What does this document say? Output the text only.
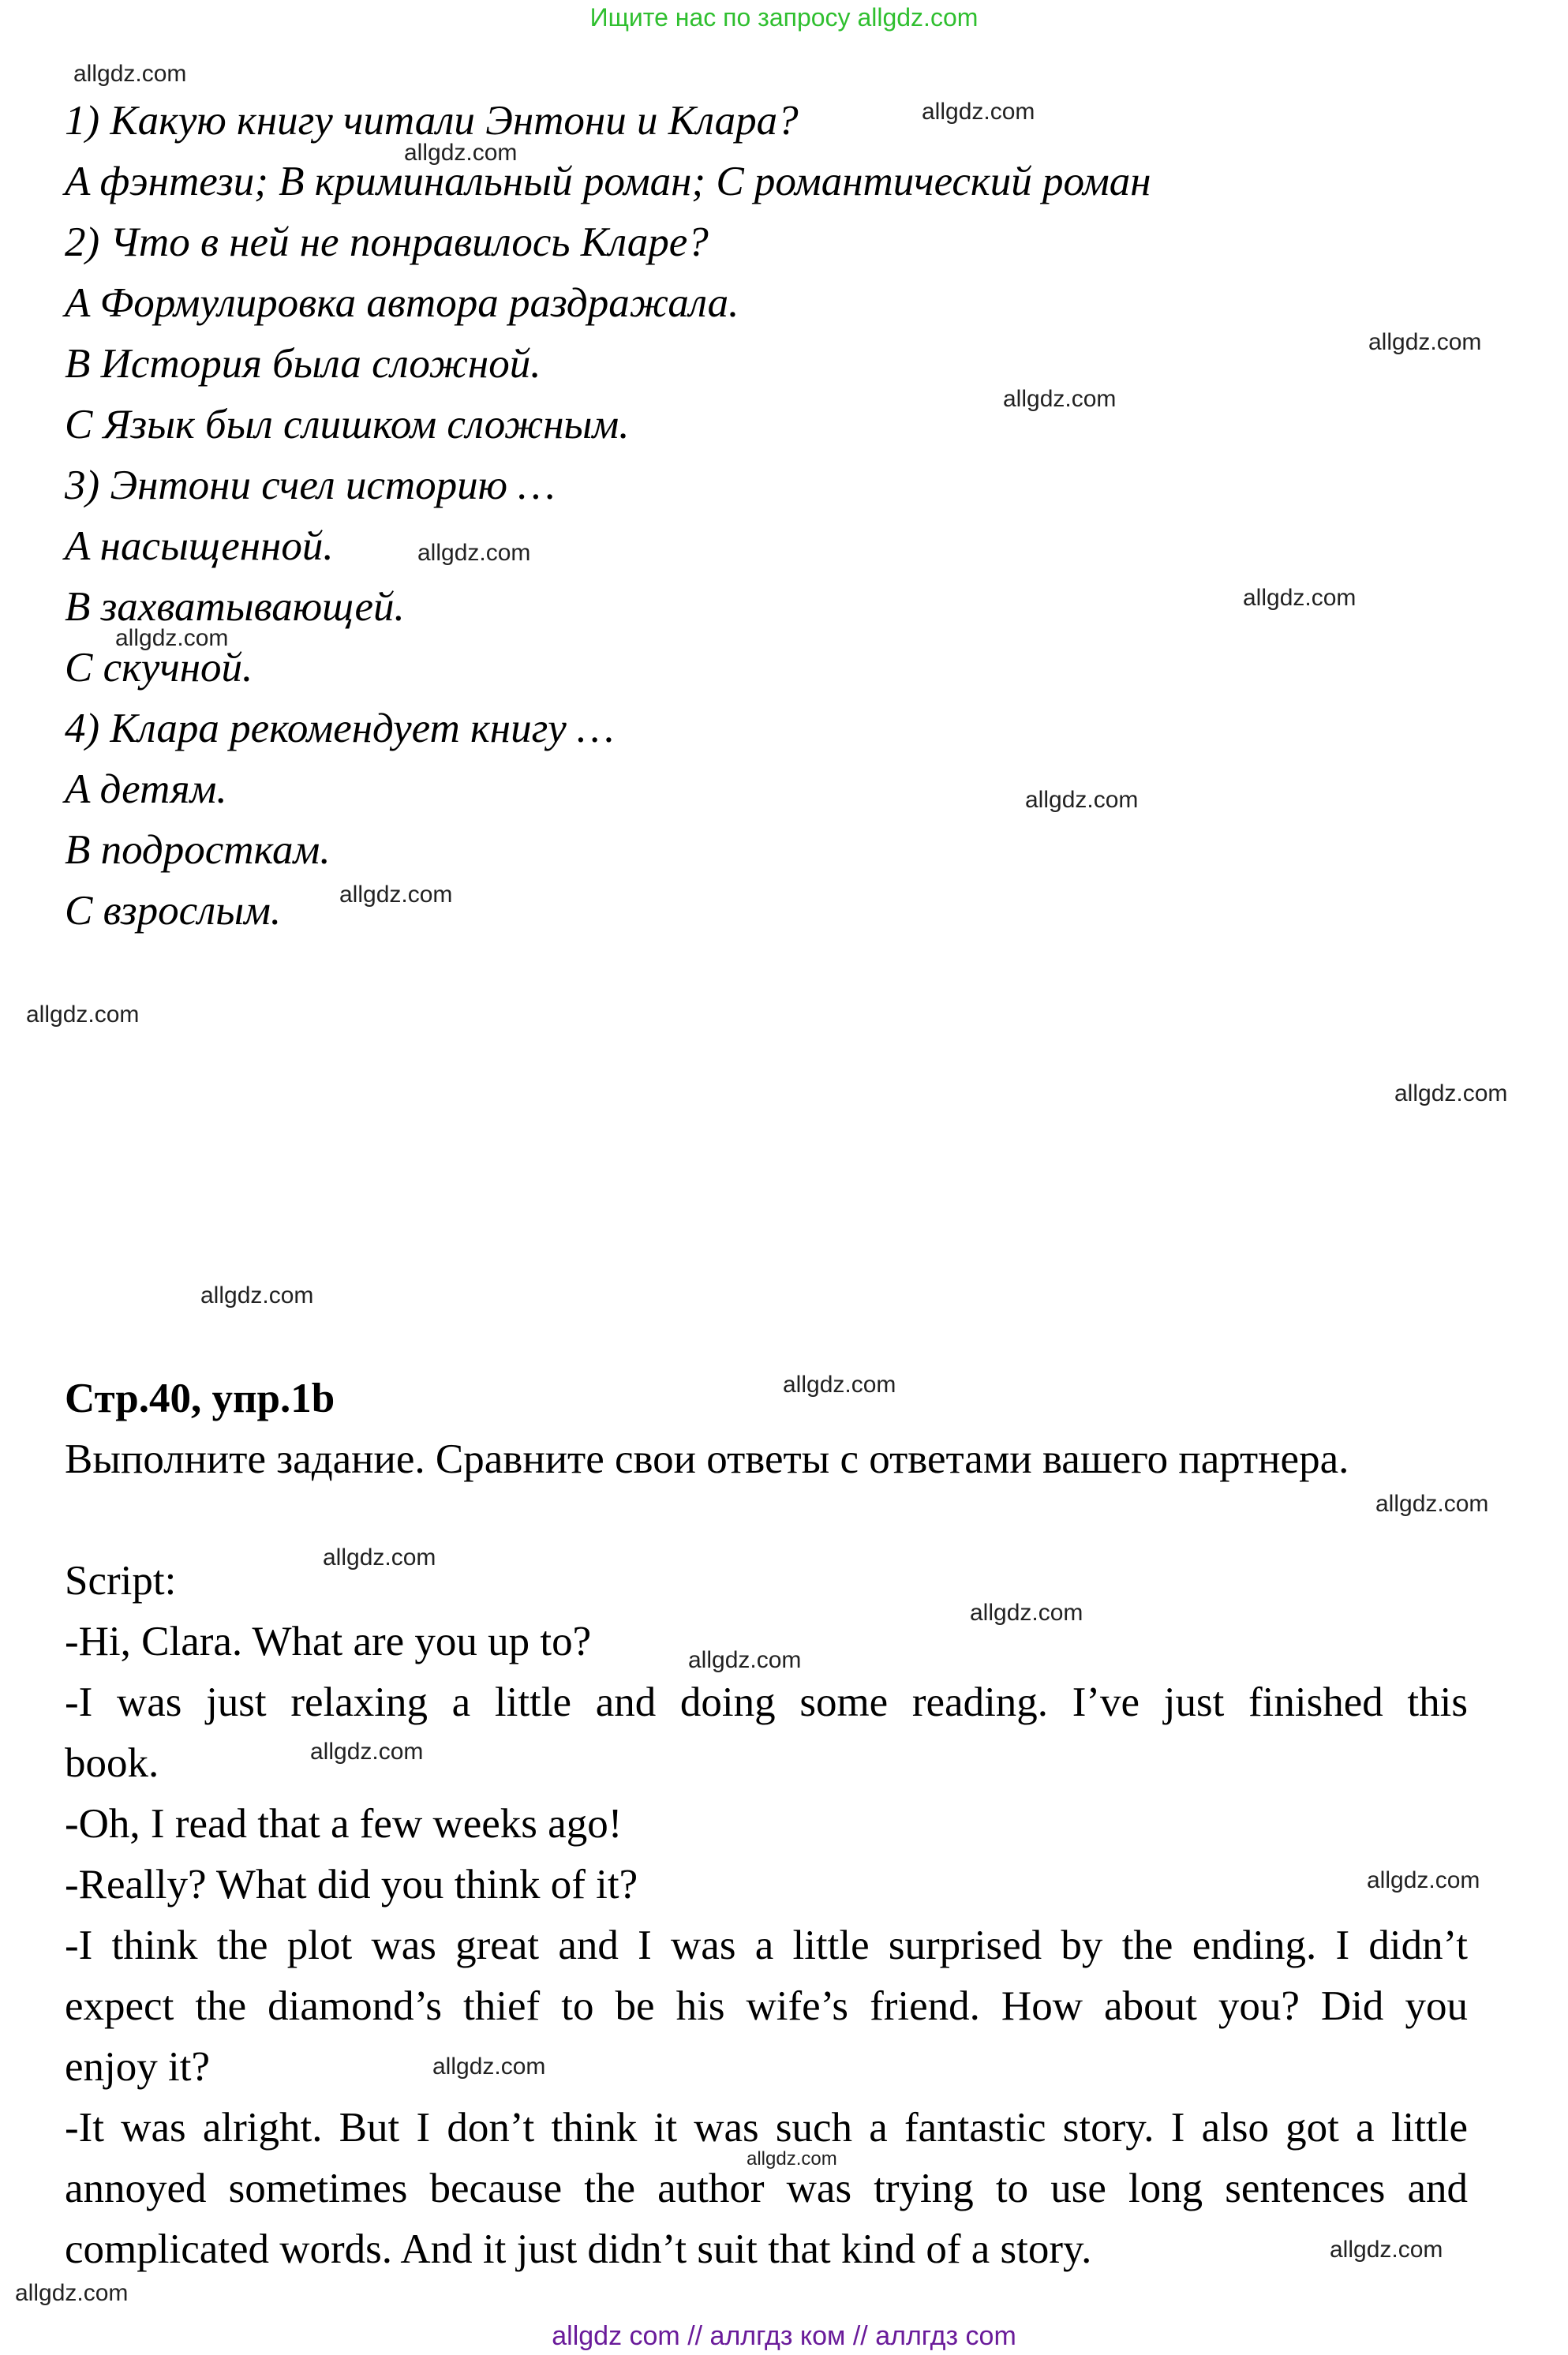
Ищите нас по запросу allgdz.com

1) Какую книгу читали Энтони и Клара?

A фэнтези; B криминальный роман; C романтический роман

2) Что в ней не понравилось Кларе?

A Формулировка автора раздражала.

B История была сложной.

C Язык был слишком сложным.

3) Энтони счел историю …

A насыщенной.

B захватывающей.

C скучной.

4) Клара рекомендует книгу …

A детям.

B подросткам.

C взрослым.

Стр.40, упр.1b

Выполните задание. Сравните свои ответы с ответами вашего партнера.

Script:

-Hi, Clara. What are you up to?

-I was just relaxing a little and doing some reading. I’ve just finished this

book.

-Oh, I read that a few weeks ago!

-Really? What did you think of it?

-I think the plot was great and I was a little surprised by the ending. I didn’t

expect the diamond’s thief to be his wife’s friend. How about you? Did you

enjoy it?

-It was alright. But I don’t think it was such a fantastic story. I also got a little

annoyed sometimes because the author was trying to use long sentences and

complicated words. And it just didn’t suit that kind of a story.

allgdz.com
allgdz.com
allgdz.com
allgdz.com
allgdz.com
allgdz.com
allgdz.com
allgdz.com
allgdz.com
allgdz.com
allgdz.com
allgdz.com
allgdz.com
allgdz.com
allgdz.com
allgdz.com
allgdz.com
allgdz.com
allgdz.com
allgdz.com
allgdz.com
allgdz.com
allgdz.com
allgdz.com
allgdz com // аллгдз ком // аллгдз com
